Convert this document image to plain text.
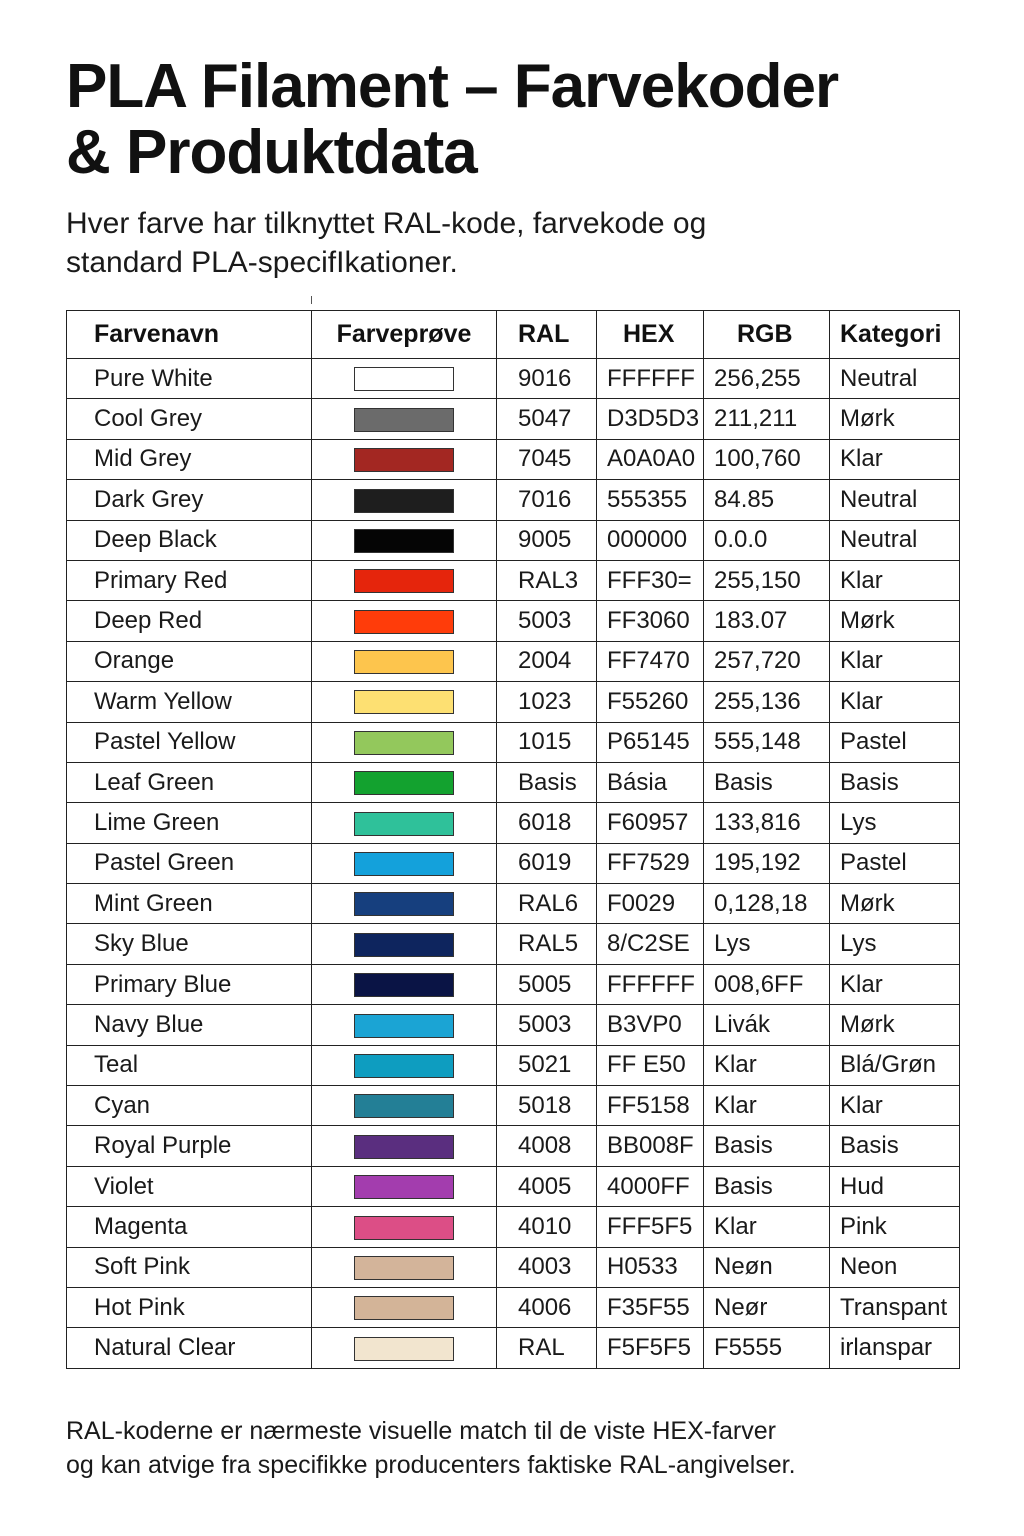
PLA Filament – Farvekoder
& Produktdata

Hver farve har tilknyttet RAL-kode, farvekode og
standard PLA-specifIkationer.

Farvenavn	Farveprøve	RAL	HEX	RGB	Kategori
Pure White		9016	FFFFFF	256,255	Neutral
Cool Grey		5047	D3D5D3	211,211	Mørk
Mid Grey		7045	A0A0A0	100,760	Klar
Dark Grey		7016	555355	84.85	Neutral
Deep Black		9005	000000	0.0.0	Neutral
Primary Red		RAL3	FFF30=	255,150	Klar
Deep Red		5003	FF3060	183.07	Mørk
Orange		2004	FF7470	257,720	Klar
Warm Yellow		1023	F55260	255,136	Klar
Pastel Yellow		1015	P65145	555,148	Pastel
Leaf Green		Basis	Básia	Basis	Basis
Lime Green		6018	F60957	133,816	Lys
Pastel Green		6019	FF7529	195,192	Pastel
Mint Green		RAL6	F0029	0,128,18	Mørk
Sky Blue		RAL5	8/C2SE	Lys	Lys
Primary Blue		5005	FFFFFF	008,6FF	Klar
Navy Blue		5003	B3VP0	Livák	Mørk
Teal		5021	FF E50	Klar	Blá/Grøn
Cyan		5018	FF5158	Klar	Klar
Royal Purple		4008	BB008F	Basis	Basis
Violet		4005	4000FF	Basis	Hud
Magenta		4010	FFF5F5	Klar	Pink
Soft Pink		4003	H0533	Neøn	Neon
Hot Pink		4006	F35F55	Neør	Transpant
Natural Clear		RAL	F5F5F5	F5555	irlanspar

RAL-koderne er nærmeste visuelle match til de viste HEX-farver
og kan atvige fra specifikke producenters faktiske RAL-angivelser.
